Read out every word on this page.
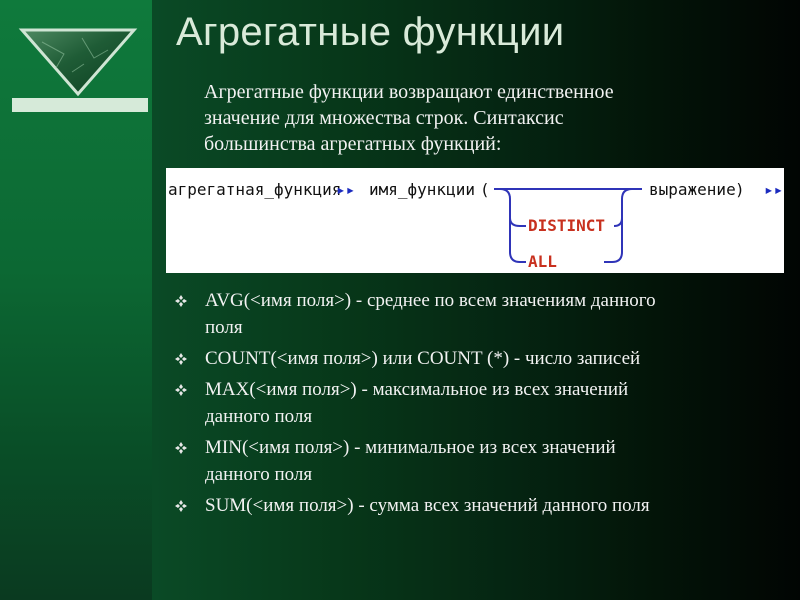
Агрегатные функции
Агрегатные функции возвращают единственное
значение для множества строк. Синтаксис
большинства агрегатных функций:
агрегатная_функция
▸▸ имя_функции (	выражение ) ▸▸
DISTINCT
ALL
AVG(<имя поля>) - среднее по всем значениям данного
поля
COUNT(<имя поля>) или COUNT (*) - число записей
MAX(<имя поля>) - максимальное из всех значений
данного поля
MIN(<имя поля>) - минимальное из всех значений
данного поля
SUM(<имя поля>) - сумма всех значений данного поля
